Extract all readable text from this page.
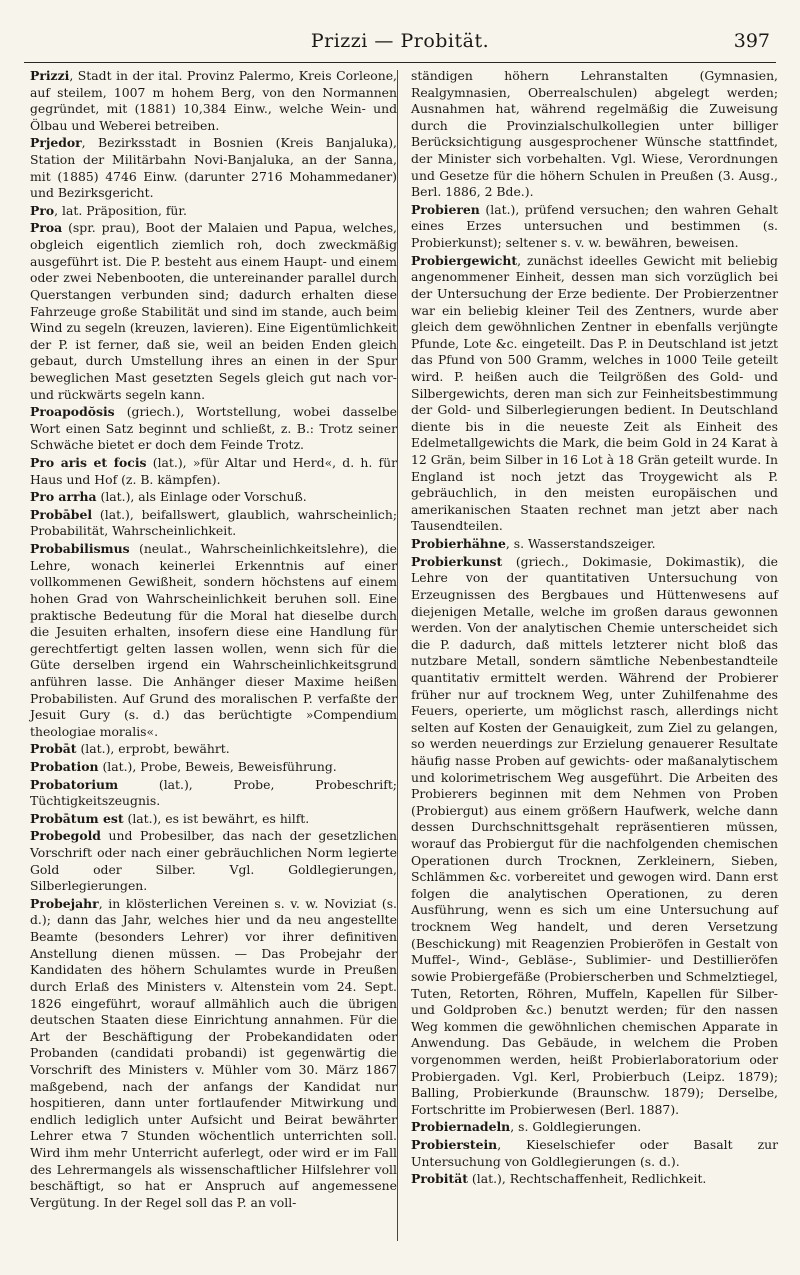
Prizzi — Probität.	397

Prizzi, Stadt in der ital. Provinz Palermo, Kreis Corleone, auf steilem, 1007 m hohem Berg, von den Normannen gegründet, mit (1881) 10,384 Einw., welche Wein- und Ölbau und Weberei betreiben.

Prjedor, Bezirksstadt in Bosnien (Kreis Banjaluka), Station der Militärbahn Novi-Banjaluka, an der Sanna, mit (1885) 4746 Einw. (darunter 2716 Mohammedaner) und Bezirksgericht.

Pro, lat. Präposition, für.

Proa (spr. prau), Boot der Malaien und Papua, welches, obgleich eigentlich ziemlich roh, doch zweckmäßig ausgeführt ist. Die P. besteht aus einem Haupt- und einem oder zwei Nebenbooten, die untereinander parallel durch Querstangen verbunden sind; dadurch erhalten diese Fahrzeuge große Stabilität und sind im stande, auch beim Wind zu segeln (kreuzen, lavieren). Eine Eigentümlichkeit der P. ist ferner, daß sie, weil an beiden Enden gleich gebaut, durch Umstellung ihres an einen in der Spur beweglichen Mast gesetzten Segels gleich gut nach vor- und rückwärts segeln kann.

Proapodŏsis (griech.), Wortstellung, wobei dasselbe Wort einen Satz beginnt und schließt, z. B.: Trotz seiner Schwäche bietet er doch dem Feinde Trotz.

Pro aris et focis (lat.), »für Altar und Herd«, d. h. für Haus und Hof (z. B. kämpfen).

Pro arrha (lat.), als Einlage oder Vorschuß.

Probābel (lat.), beifallswert, glaublich, wahrscheinlich; Probabilität, Wahrscheinlichkeit.

Probabilismus (neulat., Wahrscheinlichkeitslehre), die Lehre, wonach keinerlei Erkenntnis auf einer vollkommenen Gewißheit, sondern höchstens auf einem hohen Grad von Wahrscheinlichkeit beruhen soll. Eine praktische Bedeutung für die Moral hat dieselbe durch die Jesuiten erhalten, insofern diese eine Handlung für gerechtfertigt gelten lassen wollen, wenn sich für die Güte derselben irgend ein Wahrscheinlichkeitsgrund anführen lasse. Die Anhänger dieser Maxime heißen Probabilisten. Auf Grund des moralischen P. verfaßte der Jesuit Gury (s. d.) das berüchtigte »Compendium theologiae moralis«.

Probāt (lat.), erprobt, bewährt.

Probation (lat.), Probe, Beweis, Beweisführung.

Probatorium (lat.), Probe, Probeschrift; Tüchtigkeitszeugnis.

Probātum est (lat.), es ist bewährt, es hilft.

Probegold und Probesilber, das nach der gesetzlichen Vorschrift oder nach einer gebräuchlichen Norm legierte Gold oder Silber. Vgl. Goldlegierungen, Silberlegierungen.

Probejahr, in klösterlichen Vereinen s. v. w. Noviziat (s. d.); dann das Jahr, welches hier und da neu angestellte Beamte (besonders Lehrer) vor ihrer definitiven Anstellung dienen müssen. — Das Probejahr der Kandidaten des höhern Schulamtes wurde in Preußen durch Erlaß des Ministers v. Altenstein vom 24. Sept. 1826 eingeführt, worauf allmählich auch die übrigen deutschen Staaten diese Einrichtung annahmen. Für die Art der Beschäftigung der Probekandidaten oder Probanden (candidati probandi) ist gegenwärtig die Vorschrift des Ministers v. Mühler vom 30. März 1867 maßgebend, nach der anfangs der Kandidat nur hospitieren, dann unter fortlaufender Mitwirkung und endlich lediglich unter Aufsicht und Beirat bewährter Lehrer etwa 7 Stunden wöchentlich unterrichten soll. Wird ihm mehr Unterricht auferlegt, oder wird er im Fall des Lehrermangels als wissenschaftlicher Hilfslehrer voll beschäftigt, so hat er Anspruch auf angemessene Vergütung. In der Regel soll das P. an voll-

ständigen höhern Lehranstalten (Gymnasien, Realgymnasien, Oberrealschulen) abgelegt werden; Ausnahmen hat, während regelmäßig die Zuweisung durch die Provinzialschulkollegien unter billiger Berücksichtigung ausgesprochener Wünsche stattfindet, der Minister sich vorbehalten. Vgl. Wiese, Verordnungen und Gesetze für die höhern Schulen in Preußen (3. Ausg., Berl. 1886, 2 Bde.).

Probieren (lat.), prüfend versuchen; den wahren Gehalt eines Erzes untersuchen und bestimmen (s. Probierkunst); seltener s. v. w. bewähren, beweisen.

Probiergewicht, zunächst ideelles Gewicht mit beliebig angenommener Einheit, dessen man sich vorzüglich bei der Untersuchung der Erze bediente. Der Probierzentner war ein beliebig kleiner Teil des Zentners, wurde aber gleich dem gewöhnlichen Zentner in ebenfalls verjüngte Pfunde, Lote &c. eingeteilt. Das P. in Deutschland ist jetzt das Pfund von 500 Gramm, welches in 1000 Teile geteilt wird. P. heißen auch die Teilgrößen des Gold- und Silbergewichts, deren man sich zur Feinheitsbestimmung der Gold- und Silberlegierungen bedient. In Deutschland diente bis in die neueste Zeit als Einheit des Edelmetallgewichts die Mark, die beim Gold in 24 Karat à 12 Grän, beim Silber in 16 Lot à 18 Grän geteilt wurde. In England ist noch jetzt das Troygewicht als P. gebräuchlich, in den meisten europäischen und amerikanischen Staaten rechnet man jetzt aber nach Tausendteilen.

Probierhähne, s. Wasserstandszeiger.

Probierkunst (griech., Dokimasie, Dokimastik), die Lehre von der quantitativen Untersuchung von Erzeugnissen des Bergbaues und Hüttenwesens auf diejenigen Metalle, welche im großen daraus gewonnen werden. Von der analytischen Chemie unterscheidet sich die P. dadurch, daß mittels letzterer nicht bloß das nutzbare Metall, sondern sämtliche Nebenbestandteile quantitativ ermittelt werden. Während der Probierer früher nur auf trocknem Weg, unter Zuhilfenahme des Feuers, operierte, um möglichst rasch, allerdings nicht selten auf Kosten der Genauigkeit, zum Ziel zu gelangen, so werden neuerdings zur Erzielung genauerer Resultate häufig nasse Proben auf gewichts- oder maßanalytischem und kolorimetrischem Weg ausgeführt. Die Arbeiten des Probierers beginnen mit dem Nehmen von Proben (Probiergut) aus einem größern Haufwerk, welche dann dessen Durchschnittsgehalt repräsentieren müssen, worauf das Probiergut für die nachfolgenden chemischen Operationen durch Trocknen, Zerkleinern, Sieben, Schlämmen &c. vorbereitet und gewogen wird. Dann erst folgen die analytischen Operationen, zu deren Ausführung, wenn es sich um eine Untersuchung auf trocknem Weg handelt, und deren Versetzung (Beschickung) mit Reagenzien Probieröfen in Gestalt von Muffel-, Wind-, Gebläse-, Sublimier- und Destillieröfen sowie Probiergefäße (Probierscherben und Schmelztiegel, Tuten, Retorten, Röhren, Muffeln, Kapellen für Silber- und Goldproben &c.) benutzt werden; für den nassen Weg kommen die gewöhnlichen chemischen Apparate in Anwendung. Das Gebäude, in welchem die Proben vorgenommen werden, heißt Probierlaboratorium oder Probiergaden. Vgl. Kerl, Probierbuch (Leipz. 1879); Balling, Probierkunde (Braunschw. 1879); Derselbe, Fortschritte im Probierwesen (Berl. 1887).

Probiernadeln, s. Goldlegierungen.

Probierstein, Kieselschiefer oder Basalt zur Untersuchung von Goldlegierungen (s. d.).

Probität (lat.), Rechtschaffenheit, Redlichkeit.
